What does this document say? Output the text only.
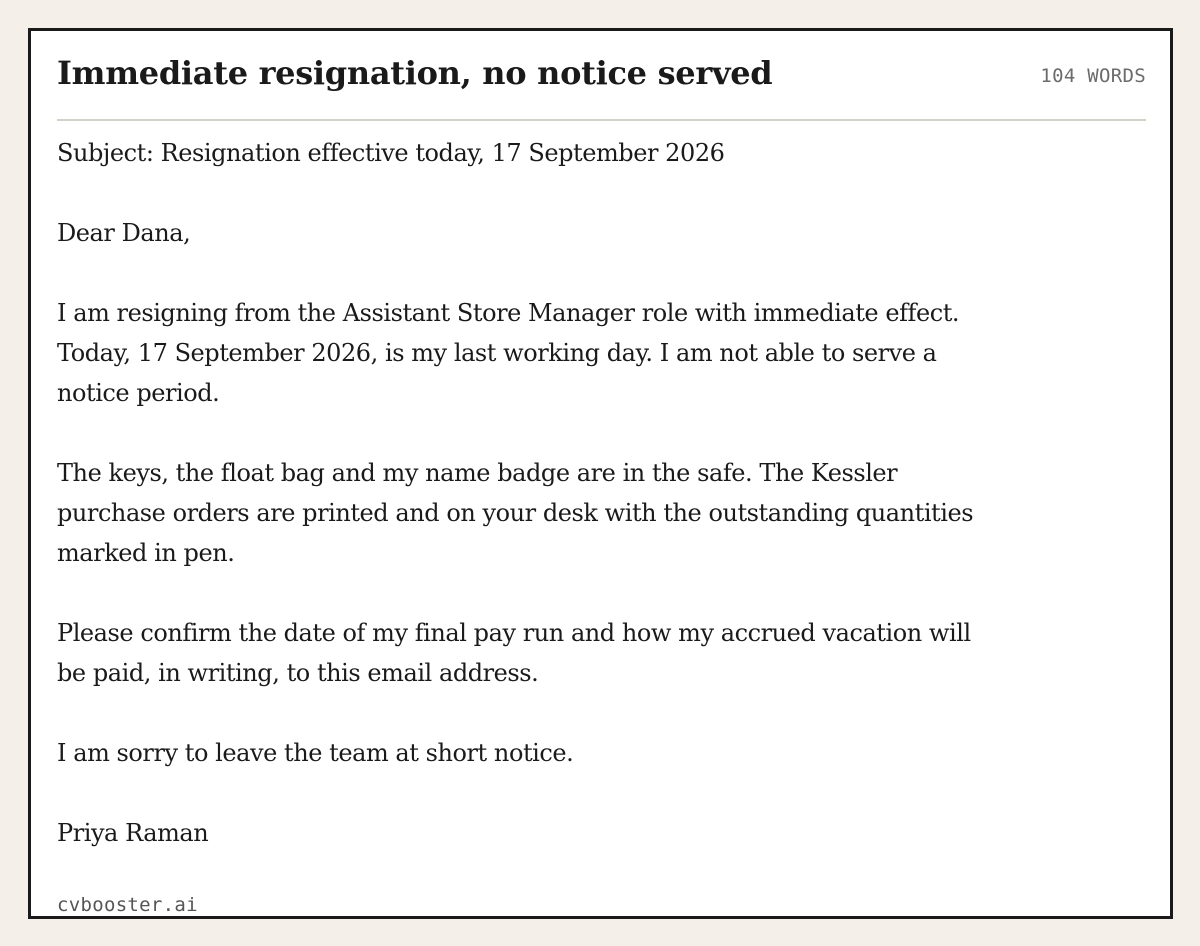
Immediate resignation, no notice served	104 WORDS

Subject: Resignation effective today, 17 September 2026

Dear Dana,

I am resigning from the Assistant Store Manager role with immediate effect. Today, 17 September 2026, is my last working day. I am not able to serve a notice period.

The keys, the float bag and my name badge are in the safe. The Kessler purchase orders are printed and on your desk with the outstanding quantities marked in pen.

Please confirm the date of my final pay run and how my accrued vacation will be paid, in writing, to this email address.

I am sorry to leave the team at short notice.

Priya Raman

cvbooster.ai
